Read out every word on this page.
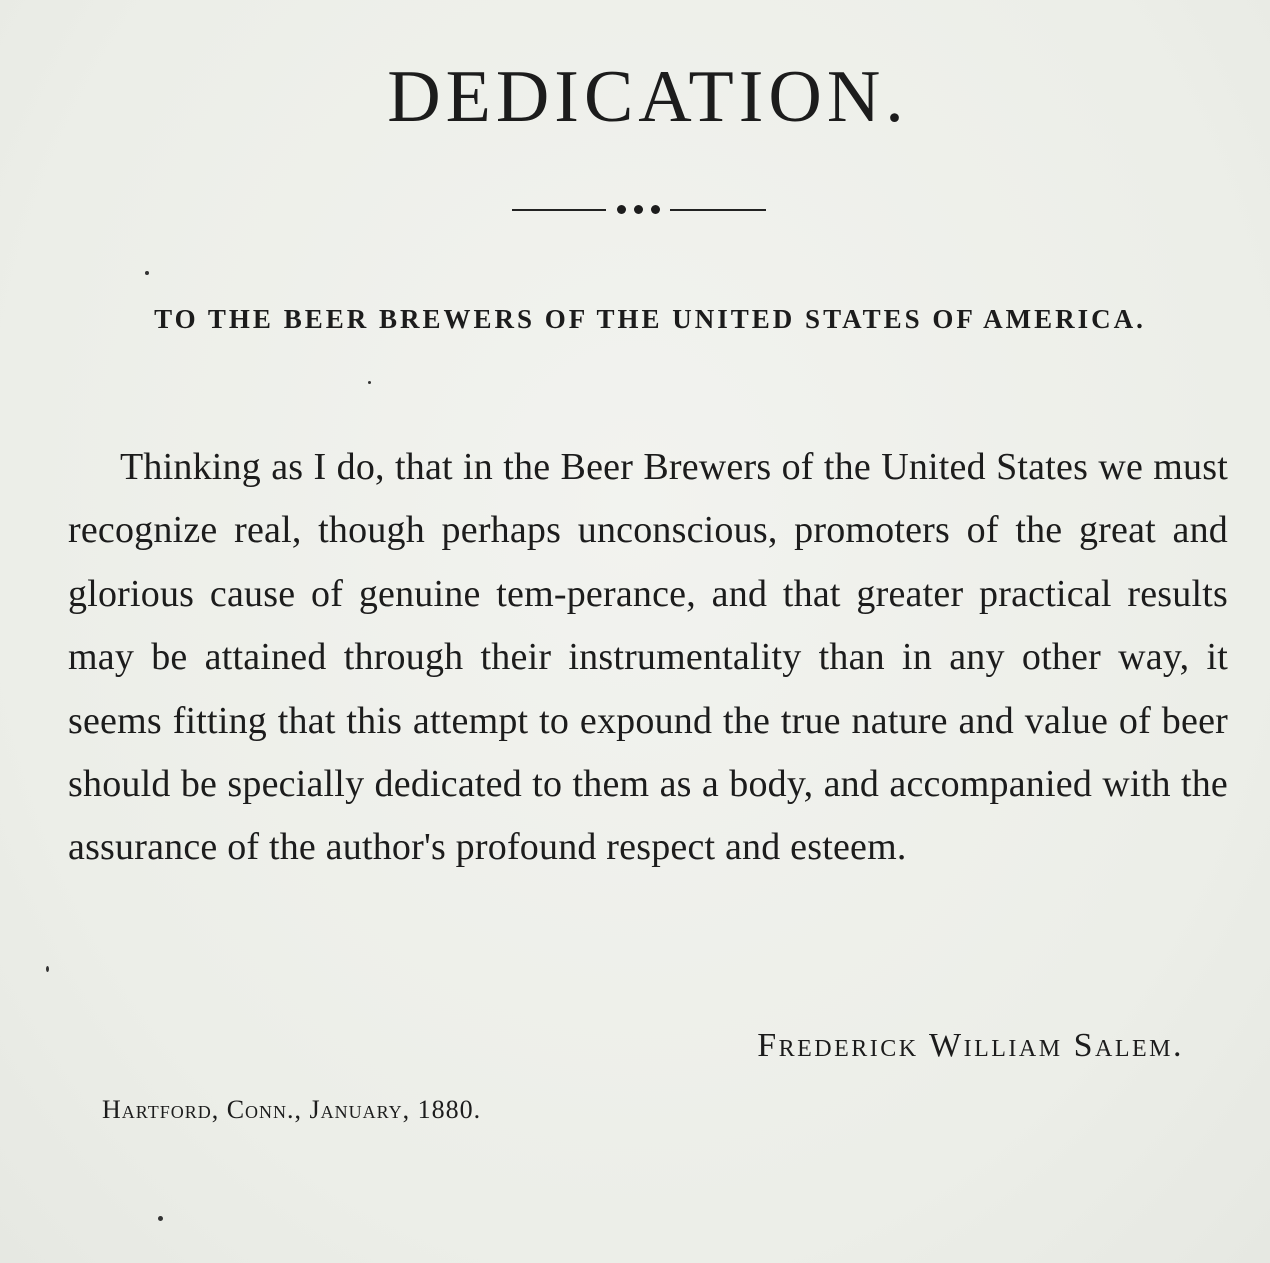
DEDICATION.
TO THE BEER BREWERS OF THE UNITED STATES OF AMERICA.

Thinking as I do, that in the Beer Brewers of the United States we must recognize real, though perhaps unconscious, promoters of the great and glorious cause of genuine tem-perance, and that greater practical results may be attained through their instrumentality than in any other way, it seems fitting that this attempt to expound the true nature and value of beer should be specially dedicated to them as a body, and accompanied with the assurance of the author's profound respect and esteem.

Frederick William Salem.
Hartford, Conn., January, 1880.
